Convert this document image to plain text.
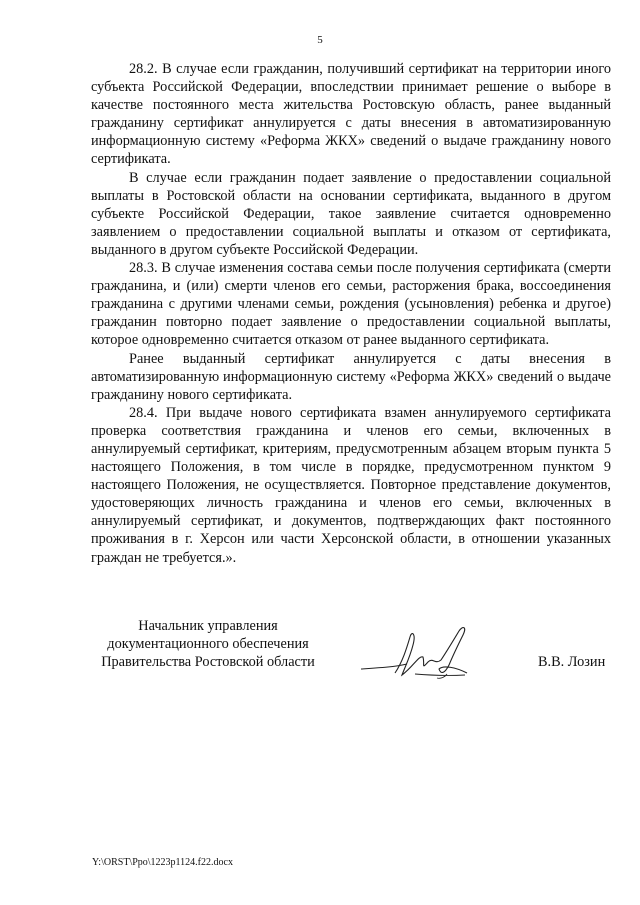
5

28.2. В случае если гражданин, получивший сертификат на территории иного субъекта Российской Федерации, впоследствии принимает решение о выборе в качестве постоянного места жительства Ростовскую область, ранее выданный гражданину сертификат аннулируется с даты внесения в автоматизированную информационную систему «Реформа ЖКХ» сведений о выдаче гражданину нового сертификата.

В случае если гражданин подает заявление о предоставлении социальной выплаты в Ростовской области на основании сертификата, выданного в другом субъекте Российской Федерации, такое заявление считается одновременно заявлением о предоставлении социальной выплаты и отказом от сертификата, выданного в другом субъекте Российской Федерации.

28.3. В случае изменения состава семьи после получения сертификата (смерти гражданина, и (или) смерти членов его семьи, расторжения брака, воссоединения гражданина с другими членами семьи, рождения (усыновления) ребенка и другое) гражданин повторно подает заявление о предоставлении социальной выплаты, которое одновременно считается отказом от ранее выданного сертификата.

Ранее выданный сертификат аннулируется с даты внесения в автоматизированную информационную систему «Реформа ЖКХ» сведений о выдаче гражданину нового сертификата.

28.4. При выдаче нового сертификата взамен аннулируемого сертификата проверка соответствия гражданина и членов его семьи, включенных в аннулируемый сертификат, критериям, предусмотренным абзацем вторым пункта 5 настоящего Положения, в том числе в порядке, предусмотренном пунктом 9 настоящего Положения, не осуществляется. Повторное представление документов, удостоверяющих личность гражданина и членов его семьи, включенных в аннулируемый сертификат, и документов, подтверждающих факт постоянного проживания в г. Херсон или части Херсонской области, в отношении указанных граждан не требуется.».

Начальник управления
документационного обеспечения
Правительства Ростовской области	В.В. Лозин
Y:\ORST\Ppo\1223p1124.f22.docx
